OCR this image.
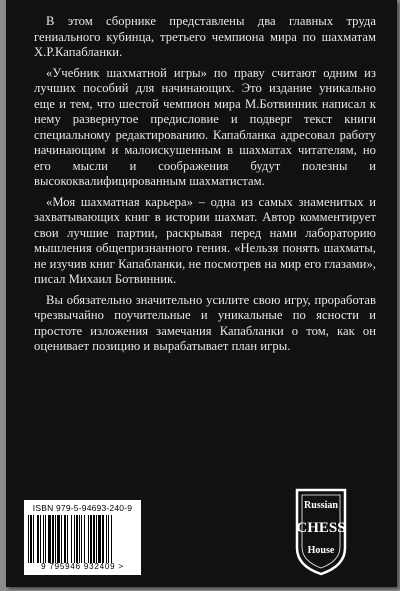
В этом сборнике представлены два главных труда гениального кубинца, третьего чемпиона мира по шахматам Х.Р.Капабланки.

«Учебник шахматной игры» по праву считают одним из лучших пособий для начинающих. Это издание уникально еще и тем, что шестой чемпион мира М.Ботвинник написал к нему развернутое предисловие и подверг текст книги специальному редактированию. Капабланка адресовал работу начинающим и малоискушенным в шахматах читателям, но его мысли и соображения будут полезны и высококвалифицированным шахматистам.

«Моя шахматная карьера» – одна из самых знаменитых и захватывающих книг в истории шахмат. Автор комментирует свои лучшие партии, раскрывая перед нами лабораторию мышления общепризнанного гения. «Нельзя понять шахматы, не изучив книг Капабланки, не посмотрев на мир его глазами», писал Михаил Ботвинник.

Вы обязательно значительно усилите свою игру, проработав чрезвычайно поучительные и уникальные по ясности и простоте изложения замечания Капабланки о том, как он оценивает позицию и вырабатывает план игры.

ISBN 979-5-94693-240-9
9 795946 932409 >
Russian
CHESS
House
